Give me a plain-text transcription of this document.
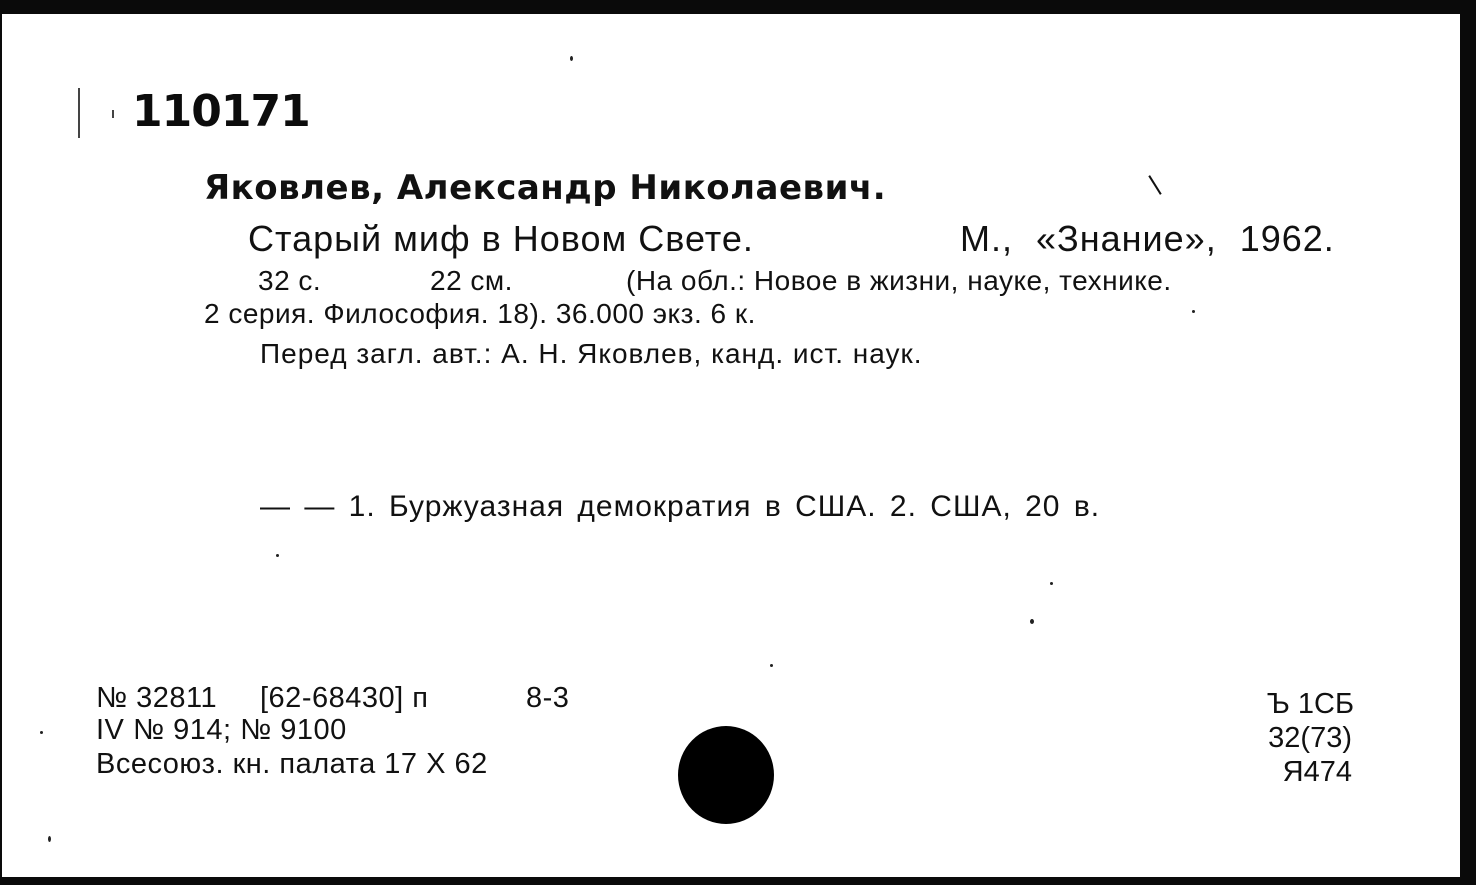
110171
Яковлев, Александр Николаевич.
Старый миф в Новом Свете.	М., «Знание», 1962.
32 с.	22 см.	(На обл.: Новое в жизни, науке, технике.
2 серия. Философия. 18). 36.000 экз. 6 к.
Перед загл. авт.: А. Н. Яковлев, канд. ист. наук.
— — 1. Буржуазная демократия в США. 2. США, 20 в.
№ 32811 [62-68430] п	8-3
IV № 914; № 9100
Всесоюз. кн. палата 17 X 62
Ъ 1СБ
32(73)
Я474
